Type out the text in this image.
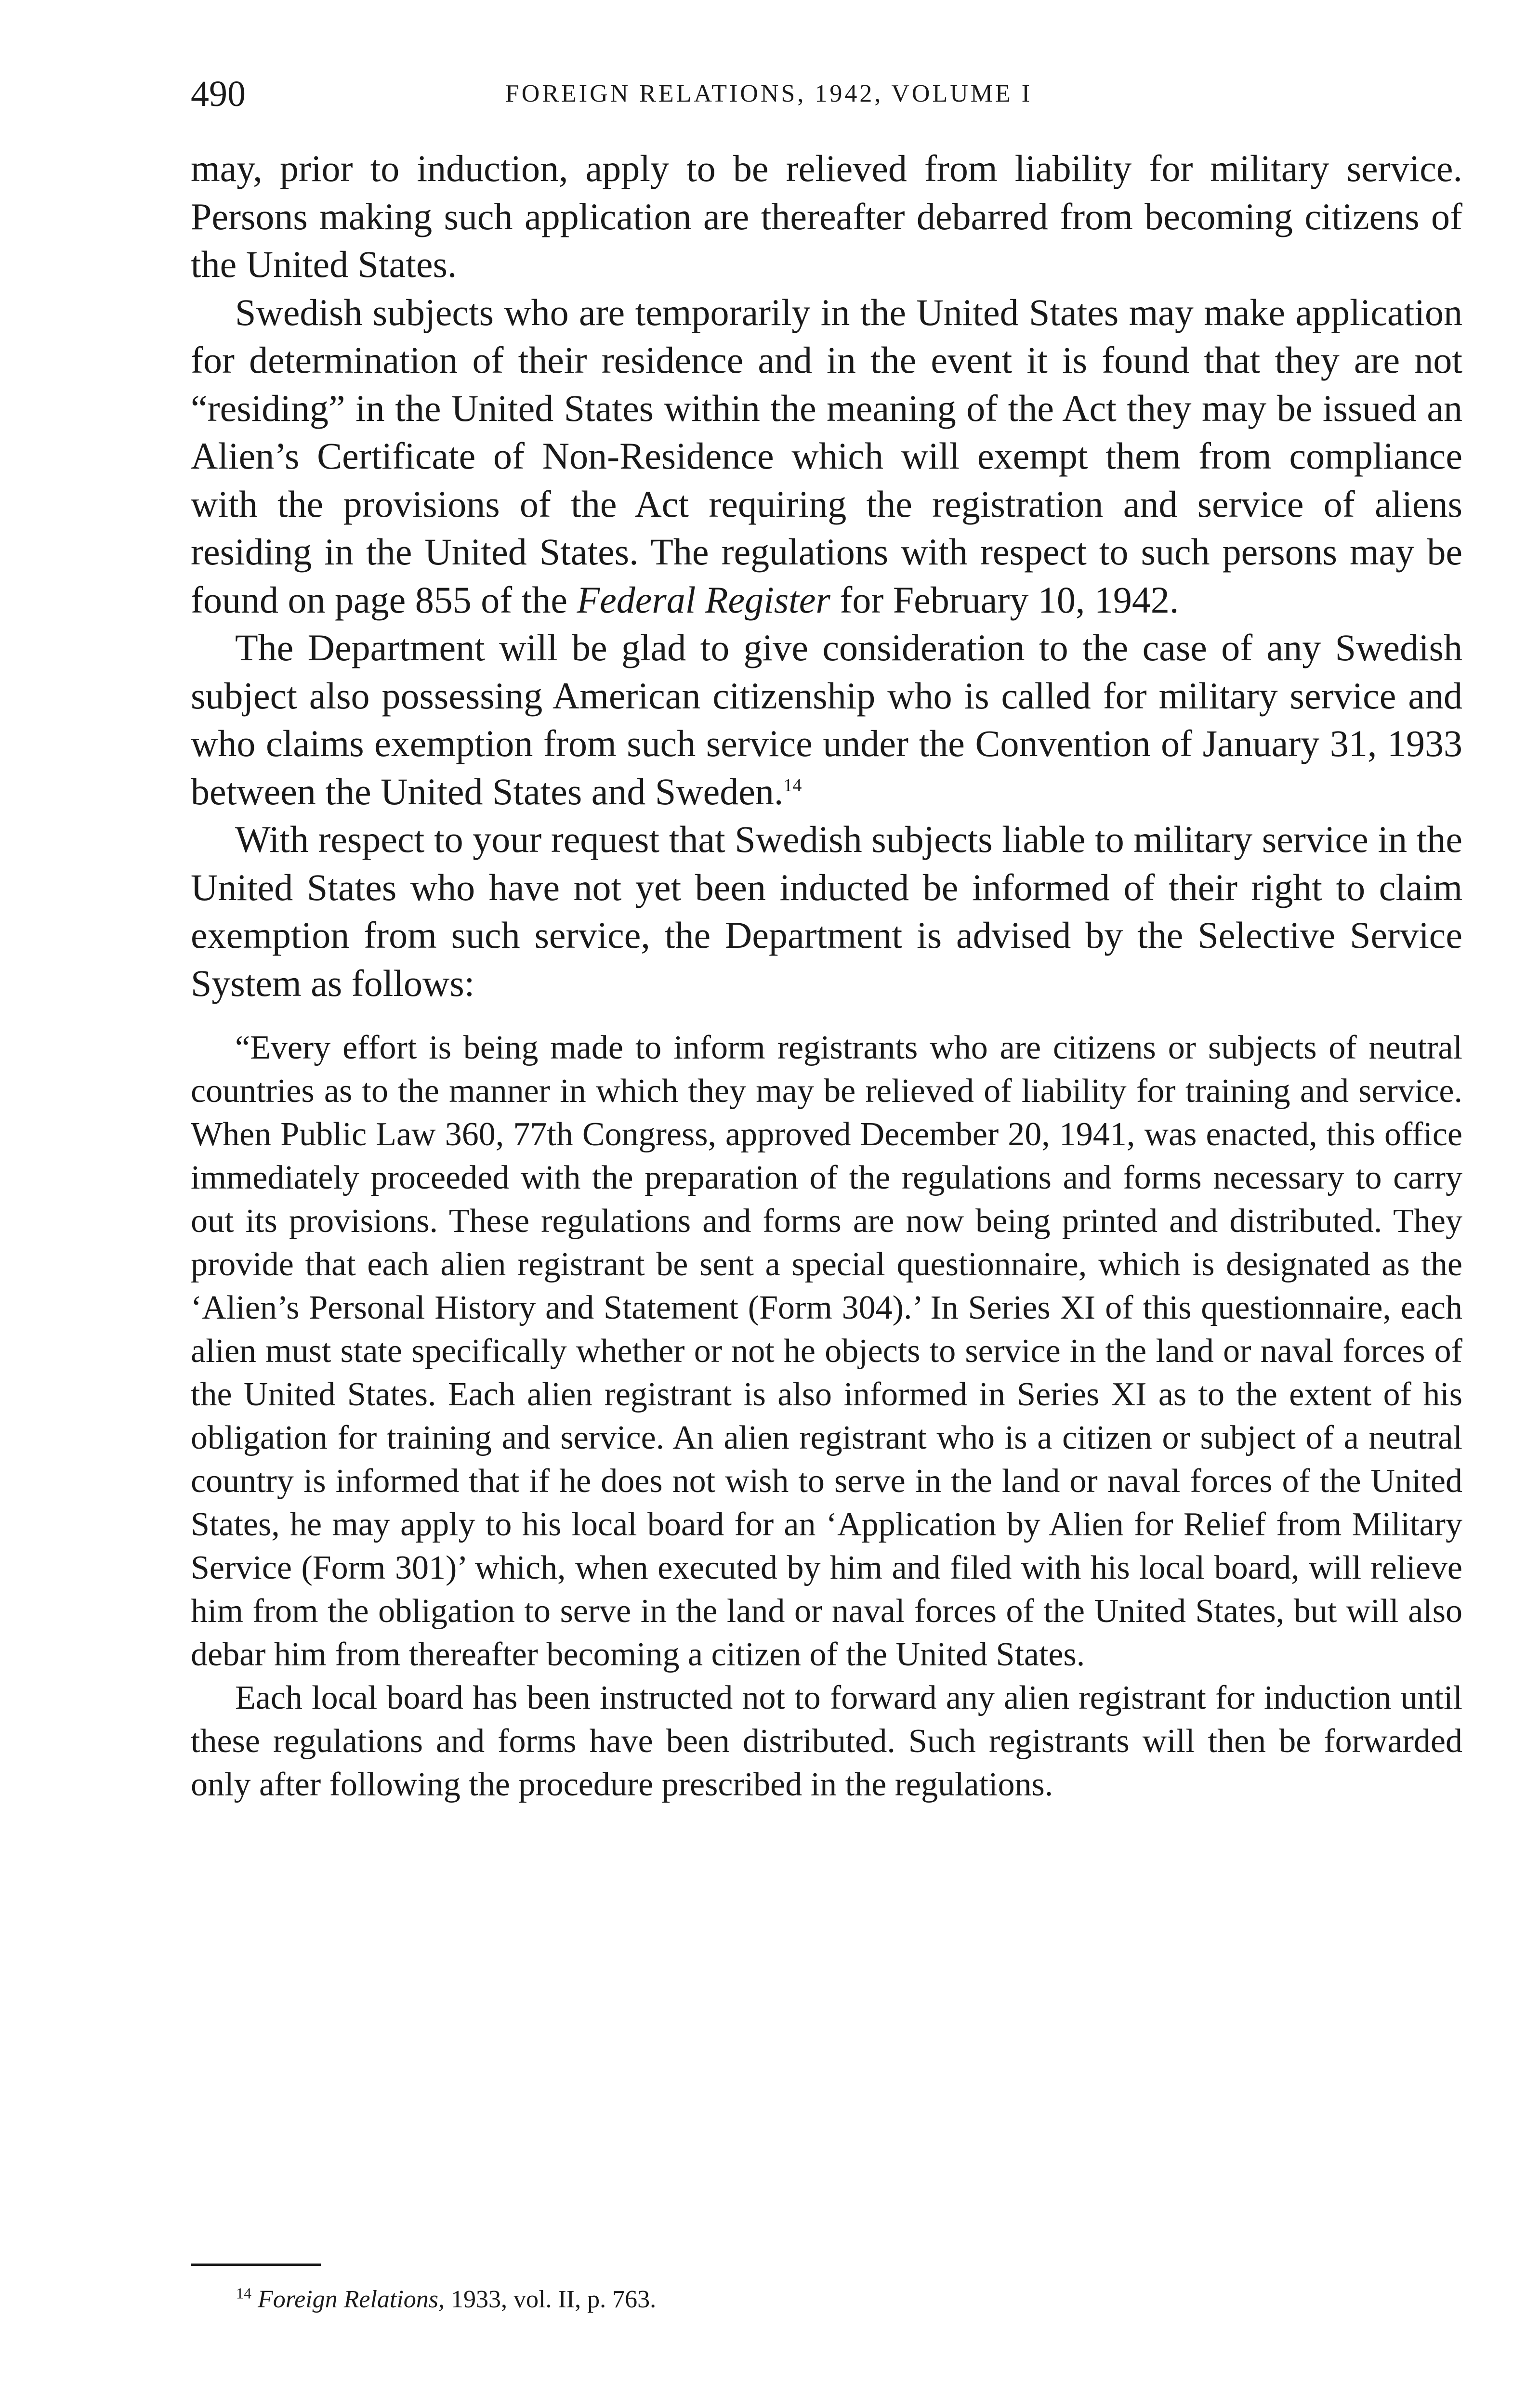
490	FOREIGN RELATIONS, 1942, VOLUME I

may, prior to induction, apply to be relieved from liability for military service. Persons making such application are thereafter debarred from becoming citizens of the United States.

Swedish subjects who are temporarily in the United States may make application for determination of their residence and in the event it is found that they are not “residing” in the United States within the meaning of the Act they may be issued an Alien’s Certificate of Non-Residence which will exempt them from compliance with the provisions of the Act requiring the registration and service of aliens residing in the United States. The regulations with respect to such persons may be found on page 855 of the Federal Register for February 10, 1942.

The Department will be glad to give consideration to the case of any Swedish subject also possessing American citizenship who is called for military service and who claims exemption from such service under the Convention of January 31, 1933 between the United States and Sweden.$^{14}$

With respect to your request that Swedish subjects liable to military service in the United States who have not yet been inducted be informed of their right to claim exemption from such service, the Department is advised by the Selective Service System as follows:

“Every effort is being made to inform registrants who are citizens or subjects of neutral countries as to the manner in which they may be relieved of liability for training and service. When Public Law 360, 77th Congress, approved December 20, 1941, was enacted, this office immediately proceeded with the preparation of the regulations and forms necessary to carry out its provisions. These regulations and forms are now being printed and distributed. They provide that each alien registrant be sent a special questionnaire, which is designated as the ‘Alien’s Personal History and Statement (Form 304).’ In Series XI of this questionnaire, each alien must state specifically whether or not he objects to service in the land or naval forces of the United States. Each alien registrant is also informed in Series XI as to the extent of his obligation for training and service. An alien registrant who is a citizen or subject of a neutral country is informed that if he does not wish to serve in the land or naval forces of the United States, he may apply to his local board for an ‘Application by Alien for Relief from Military Service (Form 301)’ which, when executed by him and filed with his local board, will relieve him from the obligation to serve in the land or naval forces of the United States, but will also debar him from thereafter becoming a citizen of the United States.

Each local board has been instructed not to forward any alien registrant for induction until these regulations and forms have been distributed. Such registrants will then be forwarded only after following the procedure prescribed in the regulations.

$^{14}$ Foreign Relations, 1933, vol. II, p. 763.
